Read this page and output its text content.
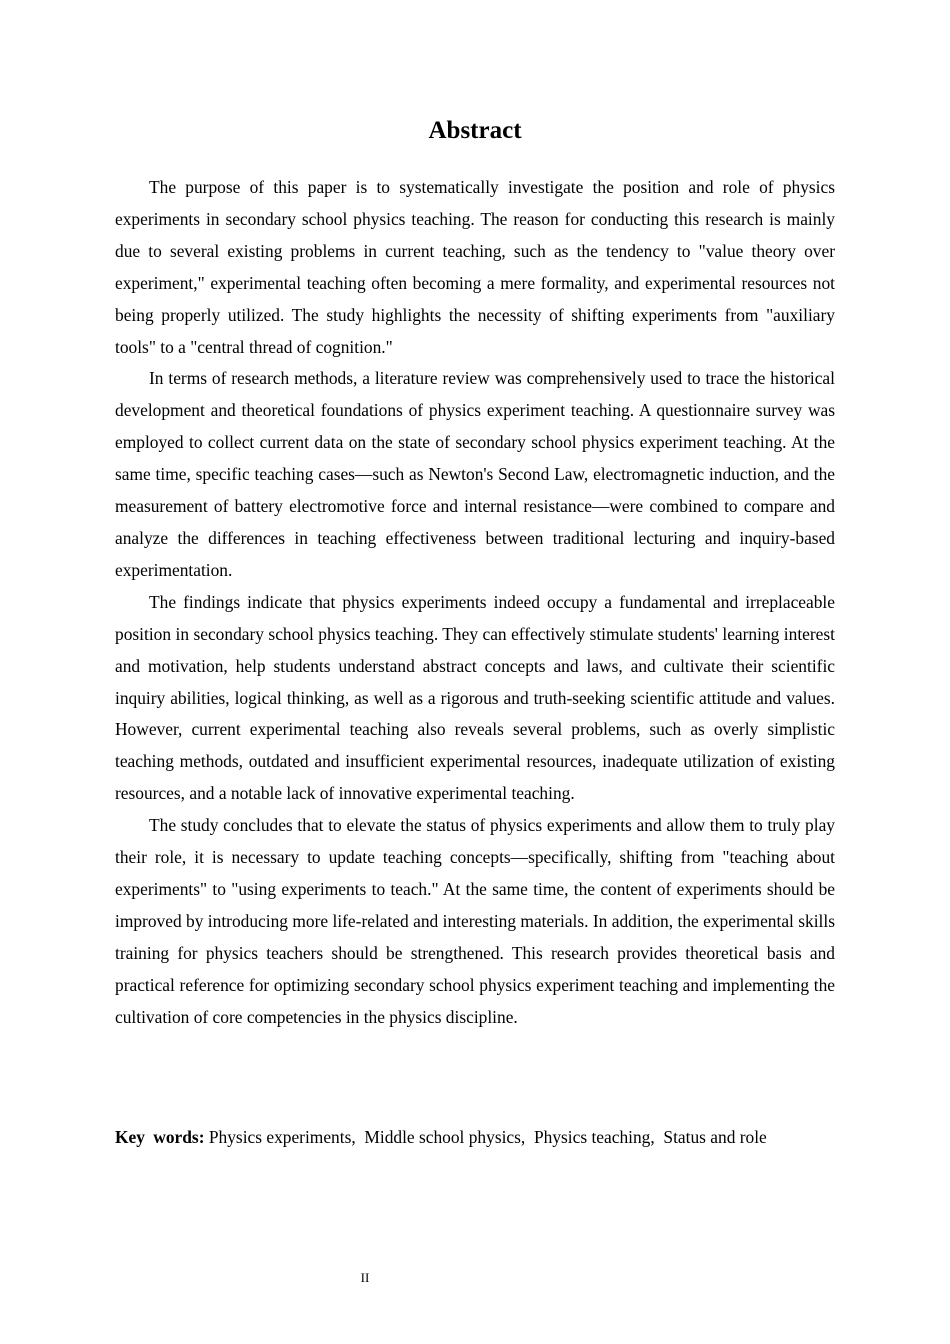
Abstract

The purpose of this paper is to systematically investigate the position and role of physics experiments in secondary school physics teaching. The reason for conducting this research is mainly due to several existing problems in current teaching, such as the tendency to "value theory over experiment," experimental teaching often becoming a mere formality, and experimental resources not being properly utilized. The study highlights the necessity of shifting experiments from "auxiliary tools" to a "central thread of cognition."

In terms of research methods, a literature review was comprehensively used to trace the historical development and theoretical foundations of physics experiment teaching. A questionnaire survey was employed to collect current data on the state of secondary school physics experiment teaching. At the same time, specific teaching cases—such as Newton's Second Law, electromagnetic induction, and the measurement of battery electromotive force and internal resistance—were combined to compare and analyze the differences in teaching effectiveness between traditional lecturing and inquiry-based experimentation.

The findings indicate that physics experiments indeed occupy a fundamental and irreplaceable position in secondary school physics teaching. They can effectively stimulate students' learning interest and motivation, help students understand abstract concepts and laws, and cultivate their scientific inquiry abilities, logical thinking, as well as a rigorous and truth-seeking scientific attitude and values. However, current experimental teaching also reveals several problems, such as overly simplistic teaching methods, outdated and insufficient experimental resources, inadequate utilization of existing resources, and a notable lack of innovative experimental teaching.

The study concludes that to elevate the status of physics experiments and allow them to truly play their role, it is necessary to update teaching concepts—specifically, shifting from "teaching about experiments" to "using experiments to teach." At the same time, the content of experiments should be improved by introducing more life-related and interesting materials. In addition, the experimental skills training for physics teachers should be strengthened. This research provides theoretical basis and practical reference for optimizing secondary school physics experiment teaching and implementing the cultivation of core competencies in the physics discipline.

Key words: Physics experiments, Middle school physics, Physics teaching, Status and role

II
